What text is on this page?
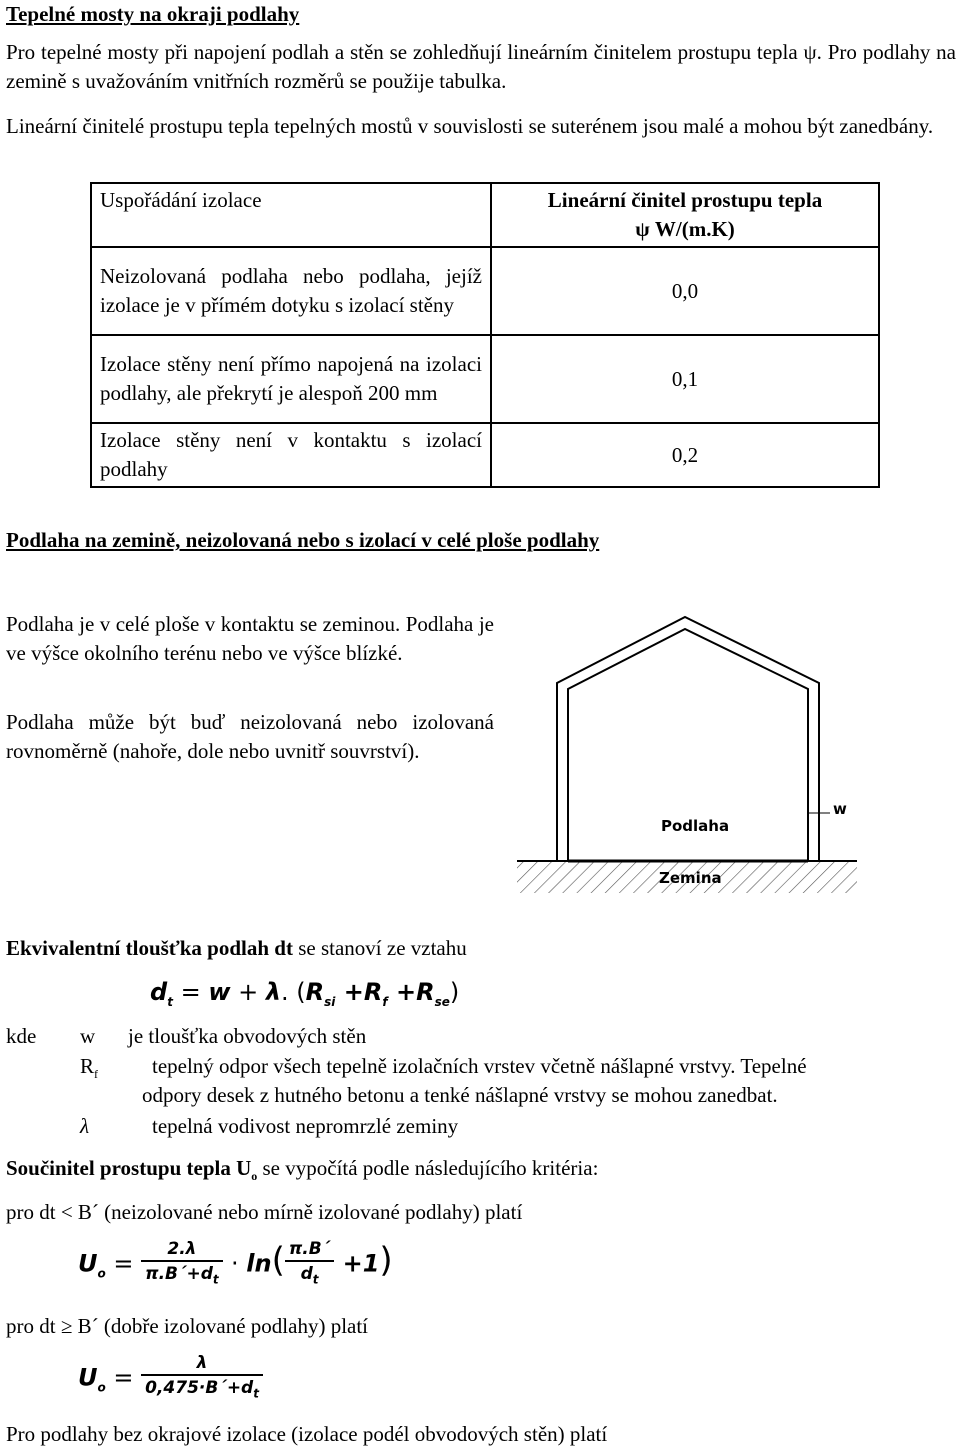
Tepelné mosty na okraji podlahy
Pro tepelné mosty při napojení podlah a stěn se zohledňují lineárním činitelem prostupu tepla ψ. Pro podlahy na zemině s uvažováním vnitřních rozměrů se použije tabulka.
Lineární činitelé prostupu tepla tepelných mostů v souvislosti se suterénem jsou malé a mohou být zanedbány.
Uspořádání izolace	Lineární činitel prostupu tepla
ψ W/(m.K)
Neizolovaná podlaha nebo podlaha, jejíž izolace je v přímém dotyku s izolací stěny	0,0
Izolace stěny není přímo napojená na izolaci podlahy, ale překrytí je alespoň 200 mm	0,1
Izolace stěny není v kontaktu s izolací podlahy	0,2
Podlaha na zemině, neizolovaná nebo s izolací v celé ploše podlahy
Podlaha je v celé ploše v kontaktu se zeminou. Podlaha je ve výšce okolního terénu nebo ve výšce blízké.
Podlaha může být buď neizolovaná nebo izolovaná rovnoměrně (nahoře, dole nebo uvnitř souvrství).
w
Podlaha
Zemina
Ekvivalentní tloušťka podlah dt se stanoví ze vztahu
$d_t = w + \lambda$. $(R_{si} +R_f +R_{se})$
kde w je tloušťka obvodových stěn
$R_f$	tepelný odpor všech tepelně izolačních vrstev včetně nášlapné vrstvy. Tepelné
odpory desek z hutného betonu a tenké nášlapné vrstvy se mohou zanedbat.
λ	tepelná vodivost nepromrzlé zeminy
Součinitel prostupu tepla $U_o$ se vypočítá podle následujícího kritéria:
pro dt < B´ (neizolované nebo mírně izolované podlahy) platí
$U_o = \frac{2.\lambda}{\pi.B´+d_t} \cdot \ln( \frac{\pi.B´}{d_t} +1)$
pro dt ≥ B´ (dobře izolované podlahy) platí
$U_o = \frac{\lambda}{0,475\cdot B´+d_t}$
Pro podlahy bez okrajové izolace (izolace podél obvodových stěn) platí
